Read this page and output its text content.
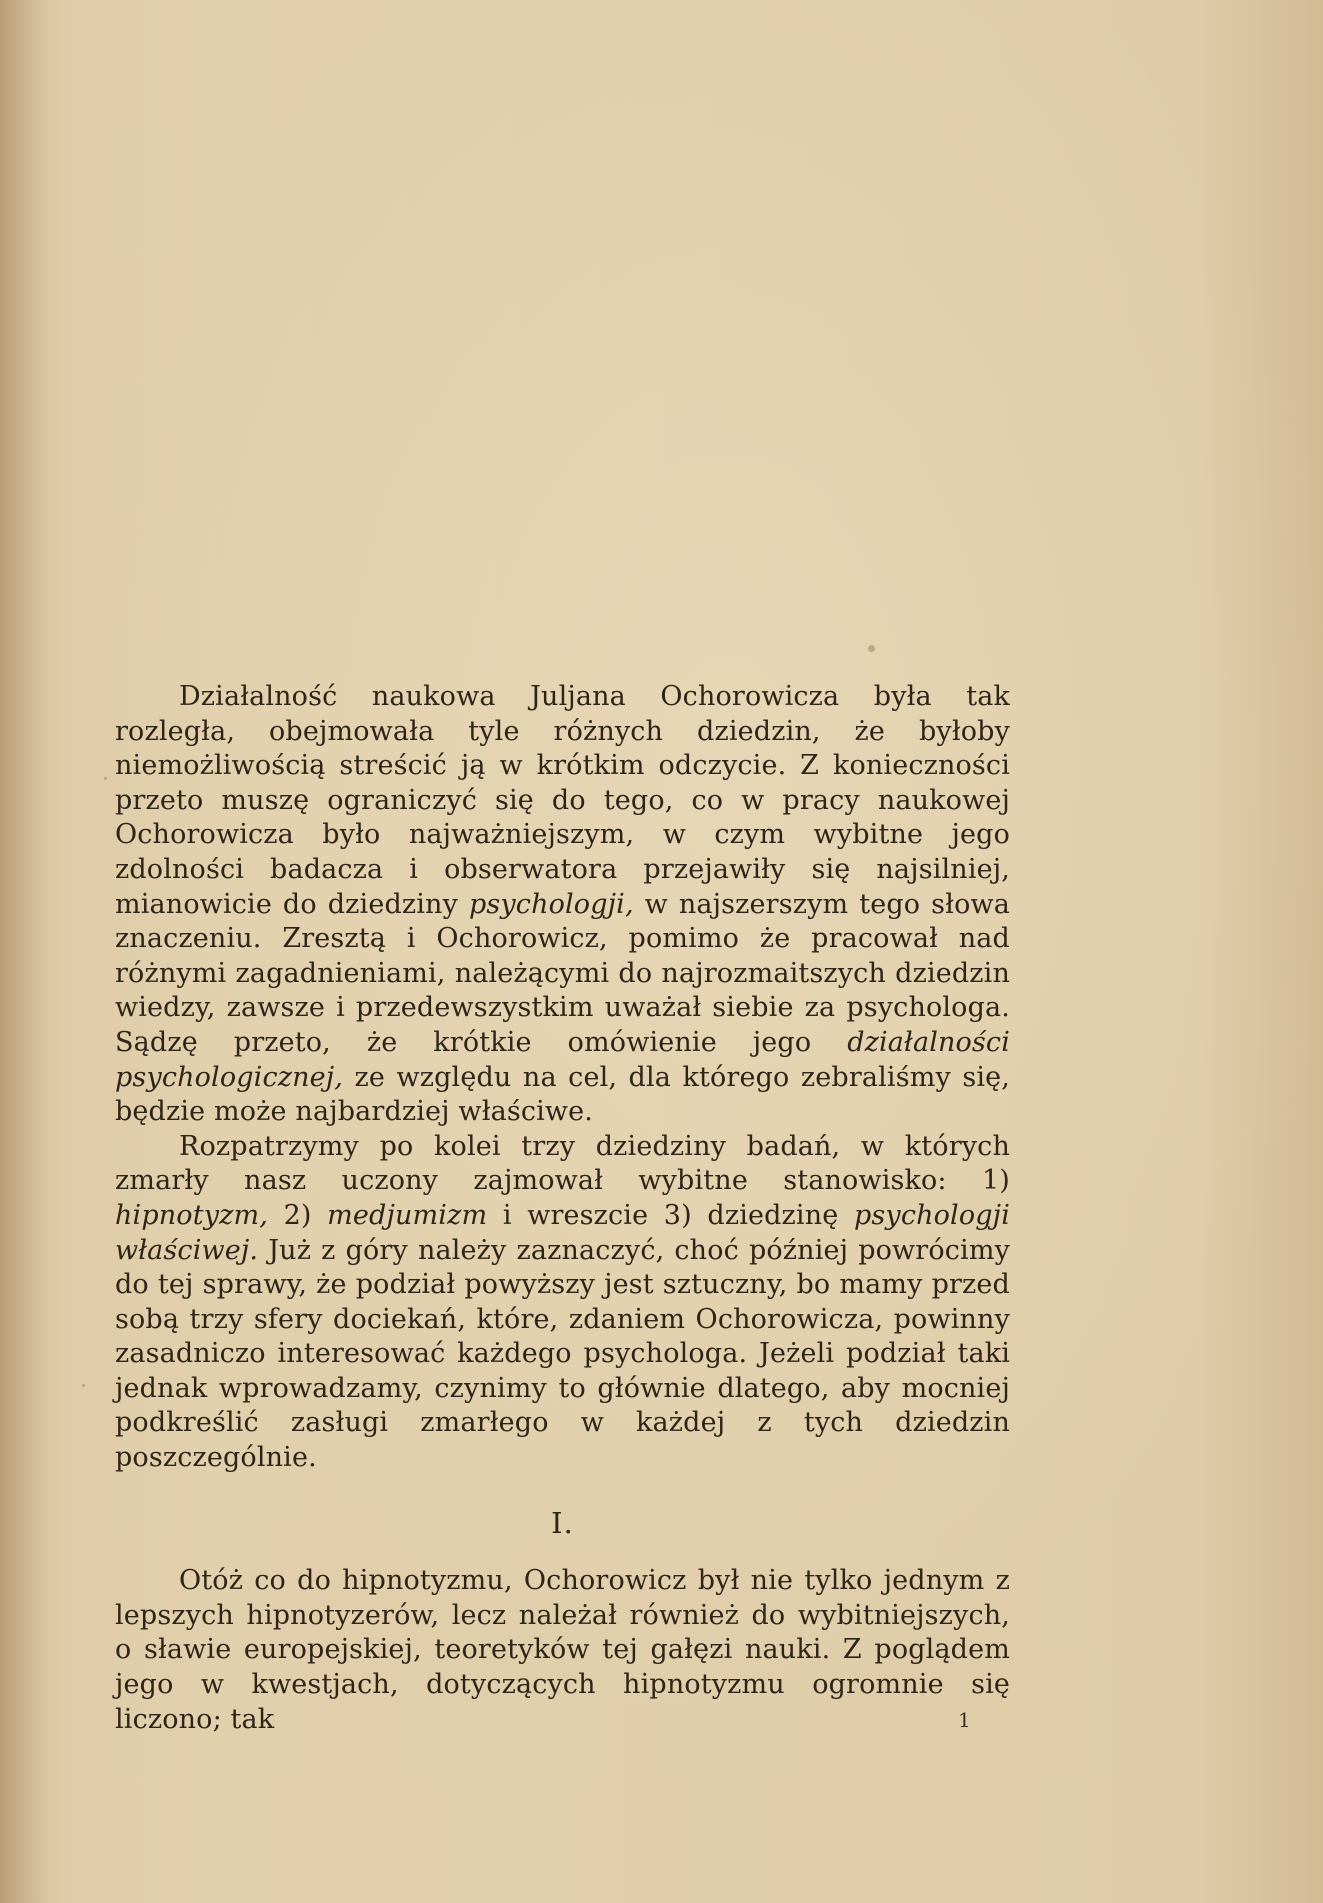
Działalność naukowa Juljana Ochorowicza była tak rozległa, obejmowała tyle różnych dziedzin, że byłoby niemożliwością streścić ją w krótkim odczycie. Z konieczności przeto muszę ograniczyć się do tego, co w pracy naukowej Ochorowicza było najważniejszym, w czym wybitne jego zdolności badacza i obserwatora przejawiły się najsilniej, mianowicie do dziedziny psychologji, w najszerszym tego słowa znaczeniu. Zresztą i Ochorowicz, pomimo że pracował nad różnymi zagadnieniami, należącymi do najrozmaitszych dziedzin wiedzy, zawsze i przedewszystkim uważał siebie za psychologa. Sądzę przeto, że krótkie omówienie jego działalności psychologicznej, ze względu na cel, dla którego zebraliśmy się, będzie może najbardziej właściwe.

Rozpatrzymy po kolei trzy dziedziny badań, w których zmarły nasz uczony zajmował wybitne stanowisko: 1) hipnotyzm, 2) medjumizm i wreszcie 3) dziedzinę psychologji właściwej. Już z góry należy zaznaczyć, choć później powrócimy do tej sprawy, że podział powyższy jest sztuczny, bo mamy przed sobą trzy sfery dociekań, które, zdaniem Ochorowicza, powinny zasadniczo interesować każdego psychologa. Jeżeli podział taki jednak wprowadzamy, czynimy to głównie dlatego, aby mocniej podkreślić zasługi zmarłego w każdej z tych dziedzin poszczególnie.

I.

Otóż co do hipnotyzmu, Ochorowicz był nie tylko jednym z lepszych hipnotyzerów, lecz należał również do wybitniejszych, o sławie europejskiej, teoretyków tej gałęzi nauki. Z poglądem jego w kwestjach, dotyczących hipnotyzmu ogromnie się liczono; tak	1
